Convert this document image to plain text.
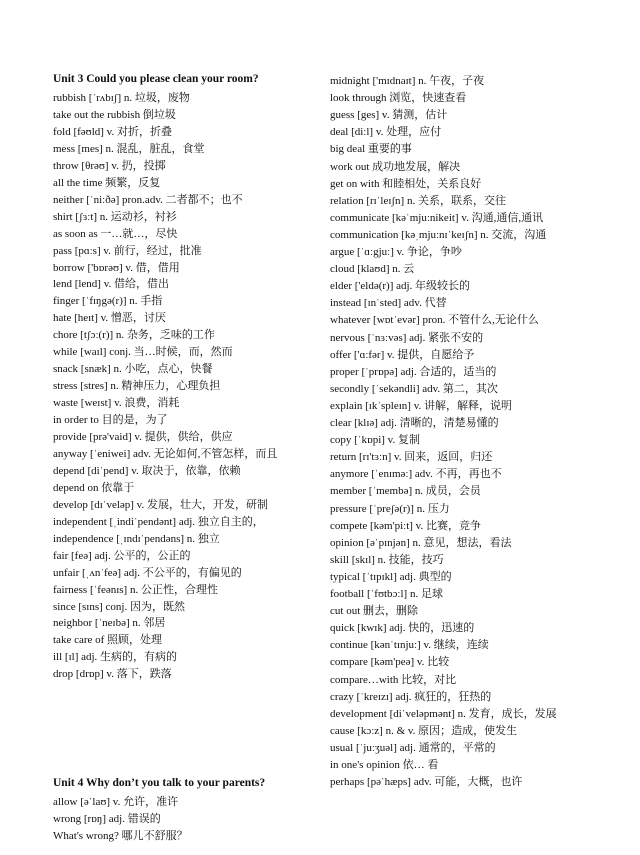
Unit 3 Could you please clean your room?
rubbish [ˈrʌbɪʃ] n. 垃圾，废物
take out the rubbish 倒垃圾
fold [fəʊld] v. 对折，折叠
mess [mes] n. 混乱，脏乱，食堂
throw [θrəʊ] v. 扔，投掷
all the time 频繁，反复
neither [ˈniːðə] pron.adv. 二者都不；也不
shirt [ʃɜːt] n. 运动衫，衬衫
as soon as 一…就…，尽快
pass [pɑːs] v. 前行，经过，批准
borrow ['bɒrəʊ] v. 借，借用
lend [lend] v. 借给，借出
finger [ˈfɪŋgə(r)] n. 手指
hate [heɪt] v. 憎恶，讨厌
chore [tʃɔː(r)] n. 杂务，乏味的工作
while [waɪl] conj. 当…时候，而，然而
snack [snæk] n. 小吃，点心，快餐
stress [stres] n. 精神压力，心理负担
waste [weɪst] v. 浪费，消耗
in order to 目的是，为了
provide [prə'vaid] v. 提供，供给，供应
anyway [ˈeniwei] adv. 无论如何,不管怎样，而且
depend [diˈpend] v. 取决于，依靠，依赖
depend on 依靠于
develop [dɪˈveləp] v. 发展，壮大，开发，研制
independent [ˌindiˈpendənt] adj. 独立自主的，
independence [ˌɪndɪˈpendəns] n. 独立
fair [feə] adj. 公平的，公正的
unfair [ˌʌnˈfeə] adj. 不公平的，有偏见的
fairness [ˈfeənɪs] n. 公正性，合理性
since [sɪns] conj. 因为，既然
neighbor [ˈneɪbə] n. 邻居
take care of 照顾，处理
ill [ɪl] adj. 生病的，有病的
drop [drɒp] v. 落下，跌落
Unit 4 Why don’t you talk to your parents?
allow [əˈlaʊ] v. 允许，准许
wrong [rɒŋ] adj. 错误的
What's wrong? 哪儿不舒服？
midnight ['mɪdnaɪt] n. 午夜，子夜
look through 浏览，快速查看
guess [ges] v. 猜测，估计
deal [diːl] v. 处理，应付
big deal 重要的事
work out 成功地发展，解决
get on with 和睦相处，关系良好
relation [rɪˈleɪʃn] n. 关系，联系，交往
communicate [kəˈmjuːnikeit] v. 沟通,通信,通讯
communication [kəˌmjuːnɪˈkeɪʃn] n. 交流，沟通
argue [ˈɑːgjuː] v. 争论，争吵
cloud [klaʊd] n. 云
elder ['eldə(r)] adj. 年级较长的
instead [ɪnˈsted] adv. 代替
whatever [wɒtˈevər] pron. 不管什么,无论什么
nervous [ˈnɜːvəs] adj. 紧张不安的
offer ['ɑːfər] v. 提供，自愿给予
proper [ˈprɒpə] adj. 合适的，适当的
secondly [ˈsekəndli] adv. 第二，其次
explain [ɪkˈspleɪn] v. 讲解，解释，说明
clear [klɪə] adj. 清晰的，清楚易懂的
copy [ˈkɒpi] v. 复制
return [rɪ'tɜːn] v. 回来，返回，归还
anymore [ˈenɪməː] adv. 不再，再也不
member [ˈmembə] n. 成员，会员
pressure [ˈpreʃə(r)] n. 压力
compete [kəm'piːt] v. 比赛，竞争
opinion [əˈpɪnjən] n. 意见，想法，看法
skill [skɪl] n. 技能，技巧
typical [ˈtɪpɪkl] adj. 典型的
football [ˈfʊtbɔːl] n. 足球
cut out 删去，删除
quick [kwɪk] adj. 快的，迅速的
continue [kənˈtɪnjuː] v. 继续，连续
compare [kəm'peə] v. 比较
compare…with 比较，对比
crazy [ˈkreɪzɪ] adj. 疯狂的，狂热的
development [diˈveləpmənt] n. 发育，成长，发展
cause [kɔːz] n. & v. 原因；造成，使发生
usual [ˈjuːʒuəl] adj. 通常的，平常的
in one's opinion 依… 看
perhaps [pəˈhæps] adv. 可能，大概，也许
